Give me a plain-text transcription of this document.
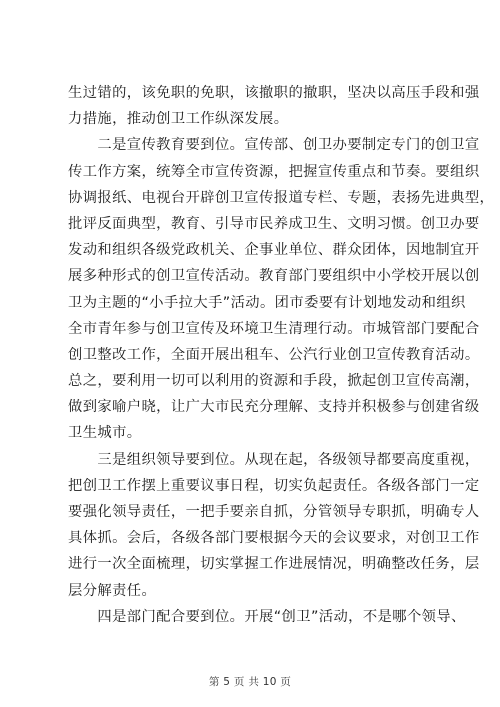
生过错的，该免职的免职，该撤职的撤职，坚决以高压手段和强
力措施，推动创卫工作纵深发展。
　　二是宣传教育要到位。宣传部、创卫办要制定专门的创卫宣
传工作方案，统筹全市宣传资源，把握宣传重点和节奏。要组织
协调报纸、电视台开辟创卫宣传报道专栏、专题，表扬先进典型，
批评反面典型，教育、引导市民养成卫生、文明习惯。创卫办要
发动和组织各级党政机关、企事业单位、群众团体，因地制宜开
展多种形式的创卫宣传活动。教育部门要组织中小学校开展以创
卫为主题的“小手拉大手”活动。团市委要有计划地发动和组织
全市青年参与创卫宣传及环境卫生清理行动。市城管部门要配合
创卫整改工作，全面开展出租车、公汽行业创卫宣传教育活动。
总之，要利用一切可以利用的资源和手段，掀起创卫宣传高潮，
做到家喻户晓，让广大市民充分理解、支持并积极参与创建省级
卫生城市。
　　三是组织领导要到位。从现在起，各级领导都要高度重视，
把创卫工作摆上重要议事日程，切实负起责任。各级各部门一定
要强化领导责任，一把手要亲自抓，分管领导专职抓，明确专人
具体抓。会后，各级各部门要根据今天的会议要求，对创卫工作
进行一次全面梳理，切实掌握工作进展情况，明确整改任务，层
层分解责任。
　　四是部门配合要到位。开展“创卫”活动，不是哪个领导、
第 5 页 共 10 页
